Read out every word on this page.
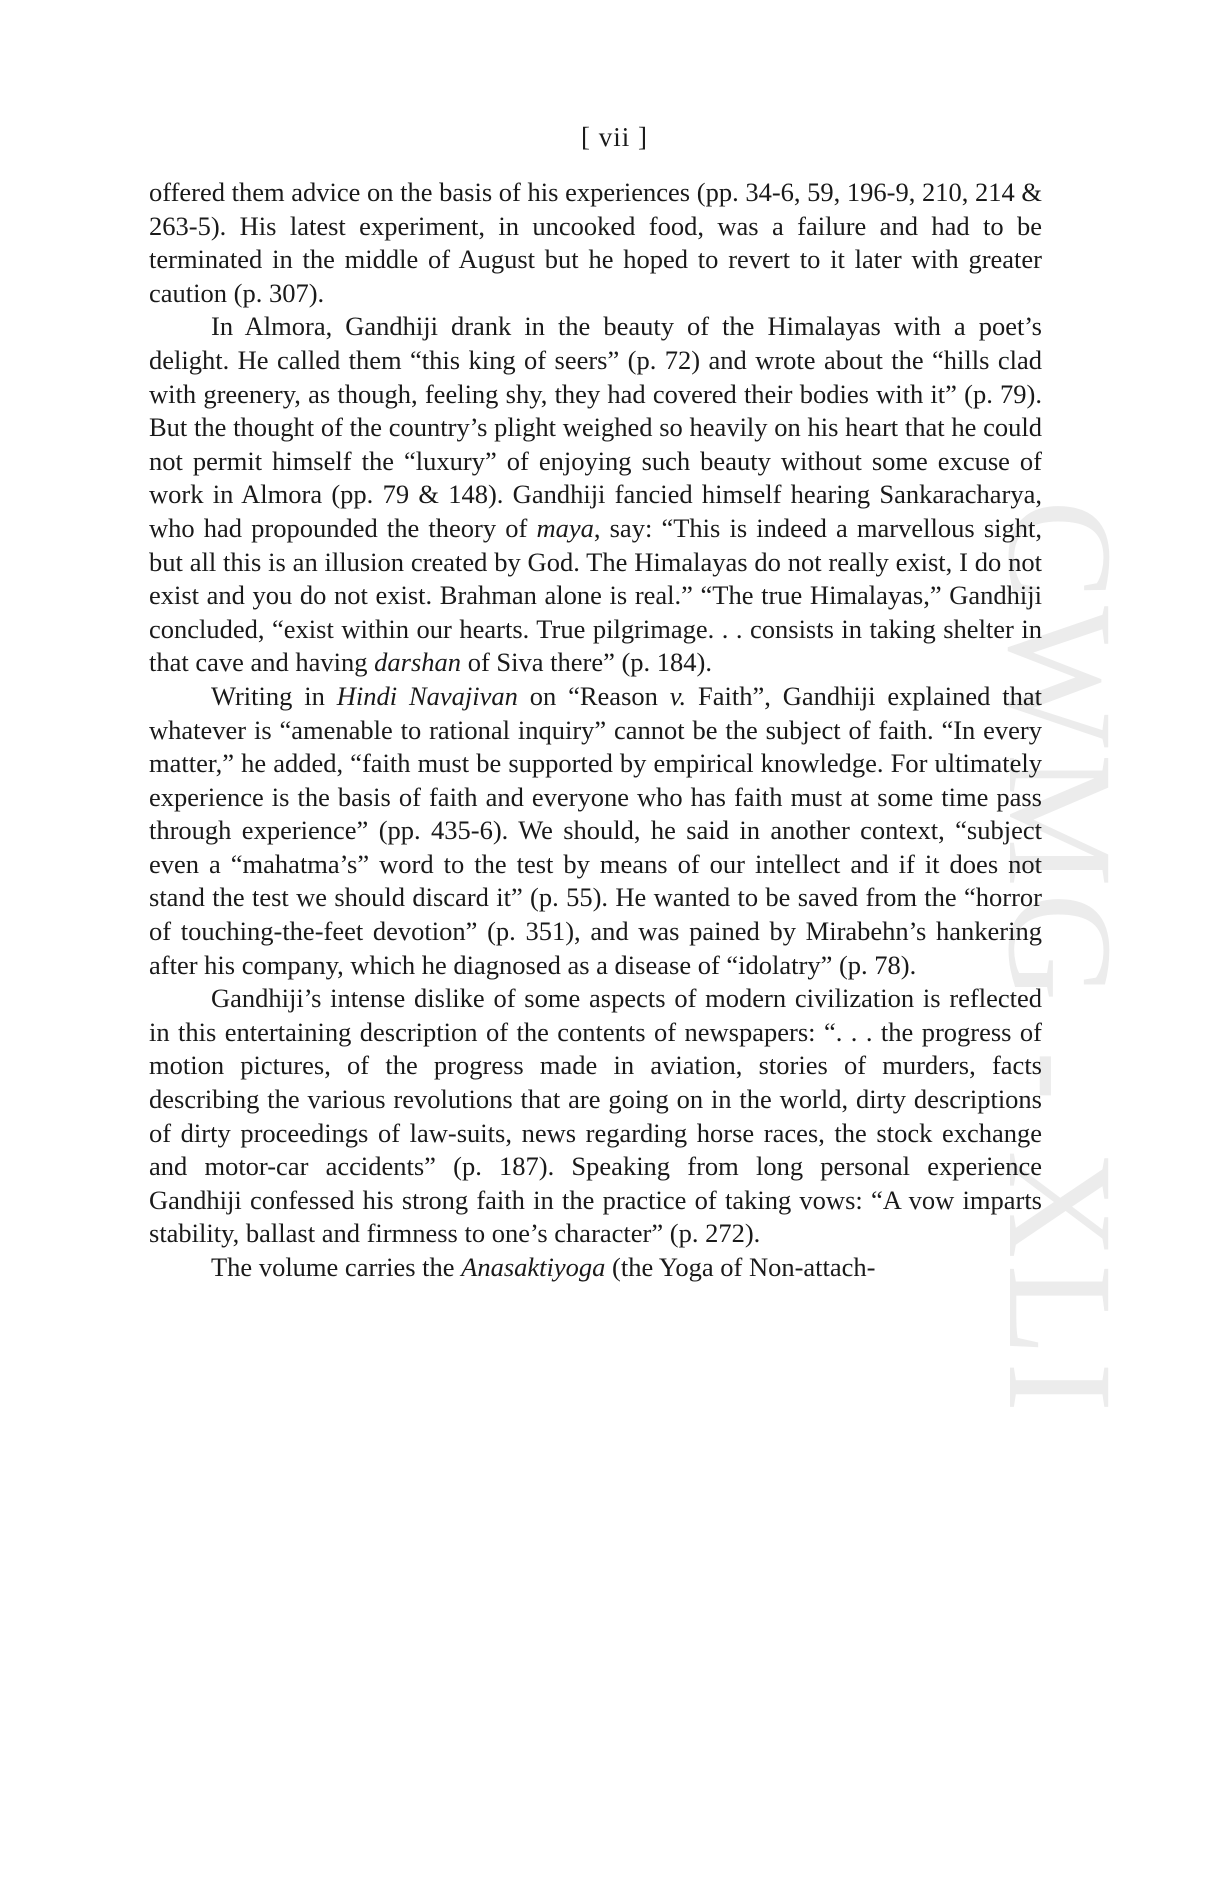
CWMG - XLI
[ vii ]

offered them advice on the basis of his experiences (pp. 34-6, 59, 196-9, 210, 214 & 263-5). His latest experiment, in uncooked food, was a failure and had to be terminated in the middle of August but he hoped to revert to it later with greater caution (p. 307).

In Almora, Gandhiji drank in the beauty of the Himalayas with a poet’s delight. He called them “this king of seers” (p. 72) and wrote about the “hills clad with greenery, as though, feeling shy, they had covered their bodies with it” (p. 79). But the thought of the country’s plight weighed so heavily on his heart that he could not permit himself the “luxury” of enjoying such beauty without some excuse of work in Almora (pp. 79 & 148). Gandhiji fancied himself hearing Sankaracharya, who had propounded the theory of maya, say: “This is indeed a marvellous sight, but all this is an illusion created by God. The Himalayas do not really exist, I do not exist and you do not exist. Brahman alone is real.” “The true Himalayas,” Gandhiji concluded, “exist within our hearts. True pilgrimage. . . consists in taking shelter in that cave and having darshan of Siva there” (p. 184).

Writing in Hindi Navajivan on “Reason v. Faith”, Gandhiji explained that whatever is “amenable to rational inquiry” cannot be the subject of faith. “In every matter,” he added, “faith must be supported by empirical knowledge. For ultimately experience is the basis of faith and everyone who has faith must at some time pass through experience” (pp. 435-6). We should, he said in another context, “subject even a “mahatma’s” word to the test by means of our intellect and if it does not stand the test we should discard it” (p. 55). He wanted to be saved from the “horror of touching-the-feet devotion” (p. 351), and was pained by Mirabehn’s hankering after his company, which he diagnosed as a disease of “idolatry” (p. 78).

Gandhiji’s intense dislike of some aspects of modern civilization is reflected in this entertaining description of the contents of newspapers: “. . . the progress of motion pictures, of the progress made in aviation, stories of murders, facts describing the various revolutions that are going on in the world, dirty descriptions of dirty proceedings of law-suits, news regarding horse races, the stock exchange and motor-car accidents” (p. 187). Speaking from long personal experience Gandhiji confessed his strong faith in the practice of taking vows: “A vow imparts stability, ballast and firmness to one’s character” (p. 272).

The volume carries the Anasaktiyoga (the Yoga of Non-attach-
